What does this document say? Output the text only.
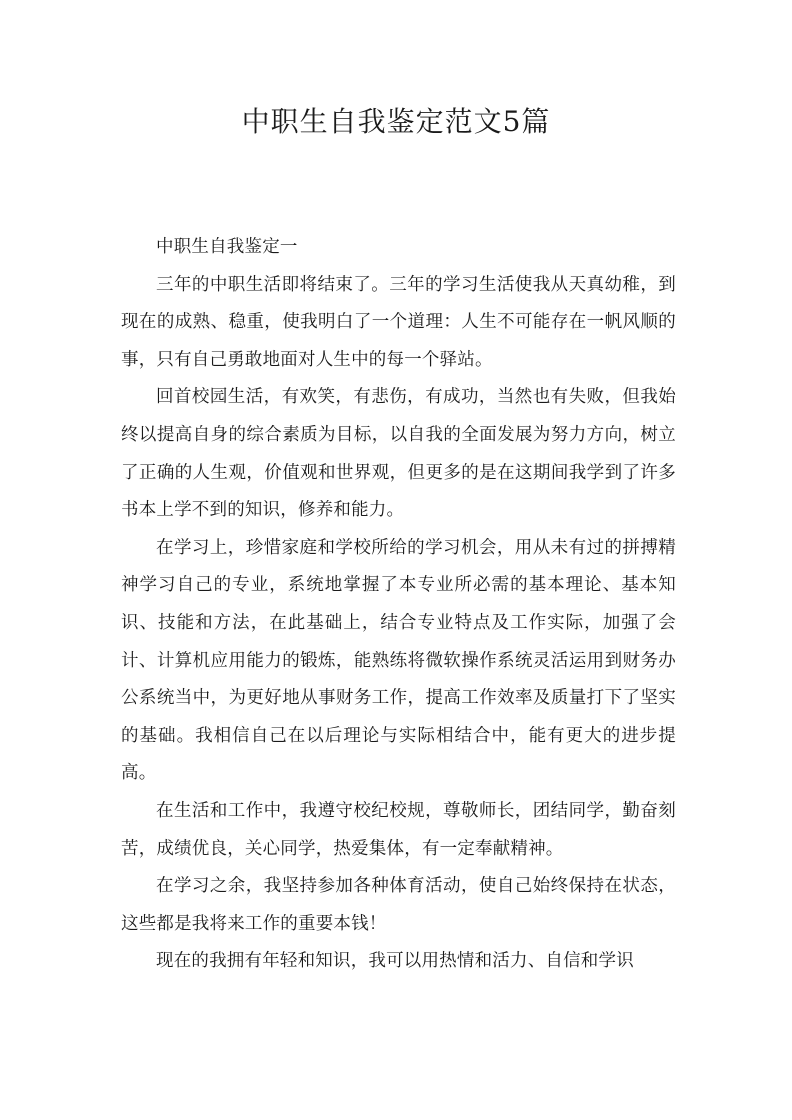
中职生自我鉴定范文5篇

中职生自我鉴定一

三年的中职生活即将结束了。三年的学习生活使我从天真幼稚，到现在的成熟、稳重，使我明白了一个道理：人生不可能存在一帆风顺的事，只有自己勇敢地面对人生中的每一个驿站。

回首校园生活，有欢笑，有悲伤，有成功，当然也有失败，但我始终以提高自身的综合素质为目标，以自我的全面发展为努力方向，树立了正确的人生观，价值观和世界观，但更多的是在这期间我学到了许多书本上学不到的知识，修养和能力。

在学习上，珍惜家庭和学校所给的学习机会，用从未有过的拼搏精神学习自己的专业，系统地掌握了本专业所必需的基本理论、基本知识、技能和方法，在此基础上，结合专业特点及工作实际，加强了会计、计算机应用能力的锻炼，能熟练将微软操作系统灵活运用到财务办公系统当中，为更好地从事财务工作，提高工作效率及质量打下了坚实的基础。我相信自己在以后理论与实际相结合中，能有更大的进步提高。

在生活和工作中，我遵守校纪校规，尊敬师长，团结同学，勤奋刻苦，成绩优良，关心同学，热爱集体，有一定奉献精神。

在学习之余，我坚持参加各种体育活动，使自己始终保持在状态，这些都是我将来工作的重要本钱！

现在的我拥有年轻和知识，我可以用热情和活力、自信和学识
